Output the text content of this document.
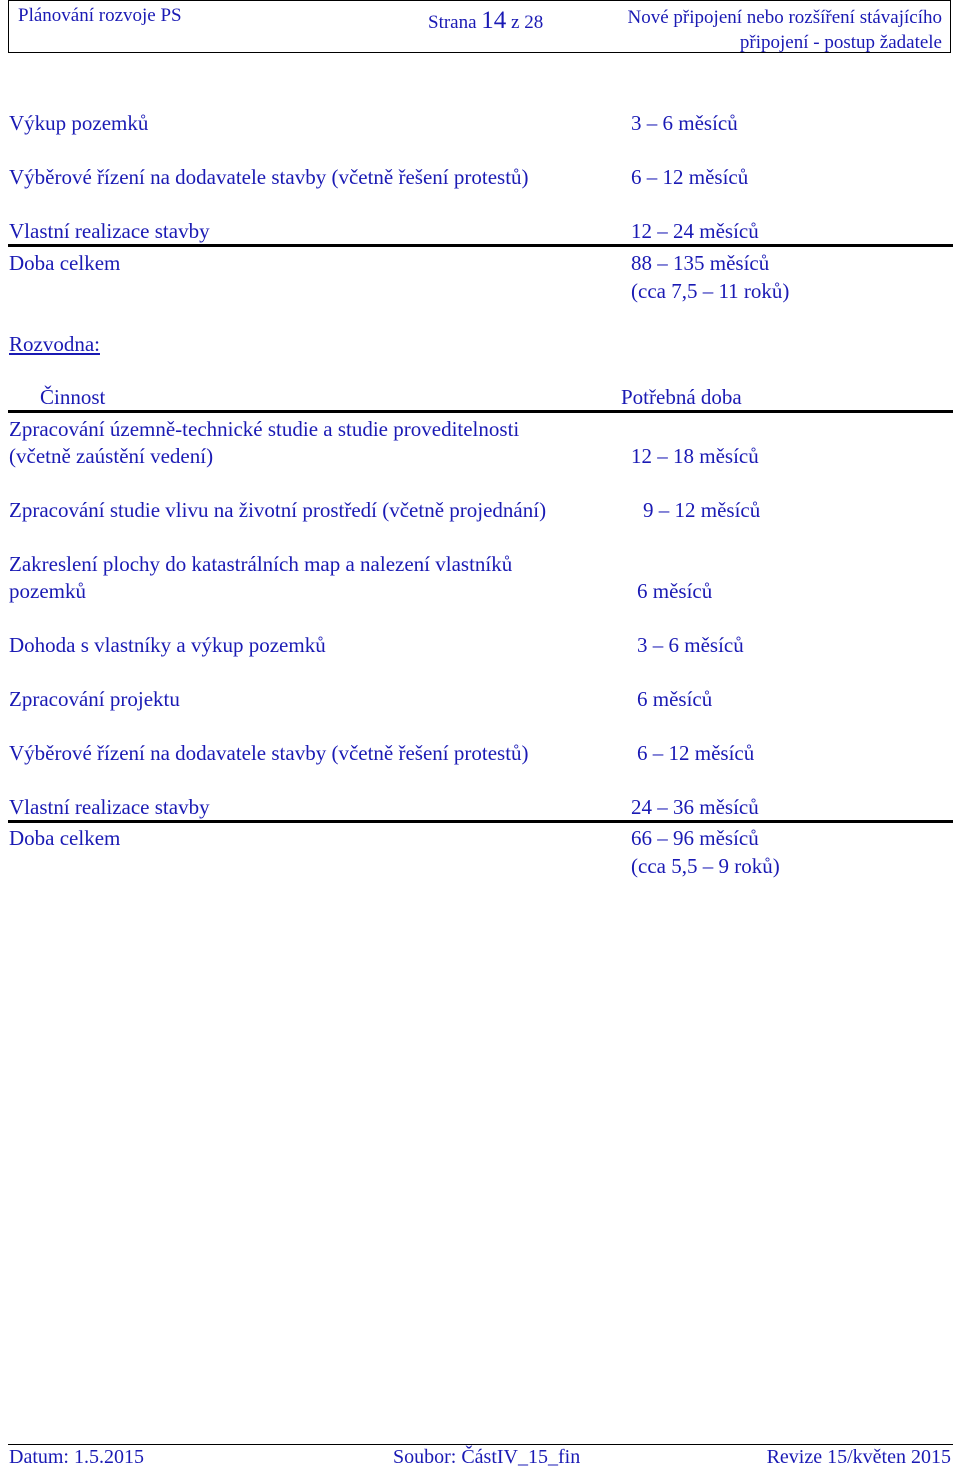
Plánování rozvoje PS	Strana 14 z 28	Nové připojení nebo rozšíření stávajícího
připojení - postup žadatele
Výkup pozemků	3 – 6 měsíců
Výběrové řízení na dodavatele stavby (včetně řešení protestů)	6 – 12 měsíců
Vlastní realizace stavby	12 – 24 měsíců
Doba celkem	88 – 135 měsíců
(cca 7,5 – 11 roků)
Rozvodna:
Činnost	Potřebná doba
Zpracování územně-technické studie a studie proveditelnosti
(včetně zaústění vedení)	12 – 18 měsíců
Zpracování studie vlivu na životní prostředí (včetně projednání)	9 – 12 měsíců
Zakreslení plochy do katastrálních map a nalezení vlastníků
pozemků	6 měsíců
Dohoda s vlastníky a výkup pozemků	3 – 6 měsíců
Zpracování projektu	6 měsíců
Výběrové řízení na dodavatele stavby (včetně řešení protestů)	6 – 12 měsíců
Vlastní realizace stavby	24 – 36 měsíců
Doba celkem	66 – 96 měsíců
(cca 5,5 – 9 roků)
Datum: 1.5.2015	Soubor: ČástIV_15_fin	Revize 15/květen 2015
